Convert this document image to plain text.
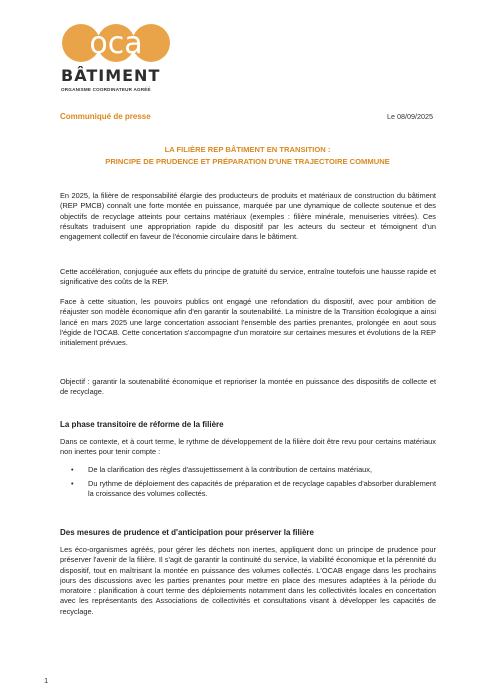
oca
BÂTIMENT
ORGANISME COORDINATEUR AGRÉÉ
Communiqué de presse	Le 08/09/2025
LA FILIÈRE REP BÂTIMENT EN TRANSITION :
PRINCIPE DE PRUDENCE ET PRÉPARATION D'UNE TRAJECTOIRE COMMUNE
En 2025, la filière de responsabilité élargie des producteurs de produits et matériaux de construction du bâtiment (REP PMCB) connaît une forte montée en puissance, marquée par une dynamique de collecte soutenue et des objectifs de recyclage atteints pour certains matériaux (exemples : filière minérale, menuiseries vitrées). Ces résultats traduisent une appropriation rapide du dispositif par les acteurs du secteur et témoignent d'un engagement collectif en faveur de l'économie circulaire dans le bâtiment.
Cette accélération, conjuguée aux effets du principe de gratuité du service, entraîne toutefois une hausse rapide et significative des coûts de la REP.
Face à cette situation, les pouvoirs publics ont engagé une refondation du dispositif, avec pour ambition de réajuster son modèle économique afin d'en garantir la soutenabilité. La ministre de la Transition écologique a ainsi lancé en mars 2025 une large concertation associant l'ensemble des parties prenantes, prolongée en aout sous l'égide de l'OCAB. Cette concertation s'accompagne d'un moratoire sur certaines mesures et évolutions de la REP initialement prévues.
Objectif : garantir la soutenabilité économique et reprioriser la montée en puissance des dispositifs de collecte et de recyclage.
La phase transitoire de réforme de la filière
Dans ce contexte, et à court terme, le rythme de développement de la filière doit être revu pour certains matériaux non inertes pour tenir compte :
• De la clarification des règles d'assujettissement à la contribution de certains matériaux,
• Du rythme de déploiement des capacités de préparation et de recyclage capables d'absorber durablement la croissance des volumes collectés.
Des mesures de prudence et d'anticipation pour préserver la filière
Les éco-organismes agréés, pour gérer les déchets non inertes, appliquent donc un principe de prudence pour préserver l'avenir de la filière. Il s'agit de garantir la continuité du service, la viabilité économique et la pérennité du dispositif, tout en maîtrisant la montée en puissance des volumes collectés. L'OCAB engage dans les prochains jours des discussions avec les parties prenantes pour mettre en place des mesures adaptées à la période du moratoire : planification à court terme des déploiements notamment dans les collectivités locales en concertation avec les représentants des Associations de collectivités et consultations visant à développer les capacités de recyclage.
1
